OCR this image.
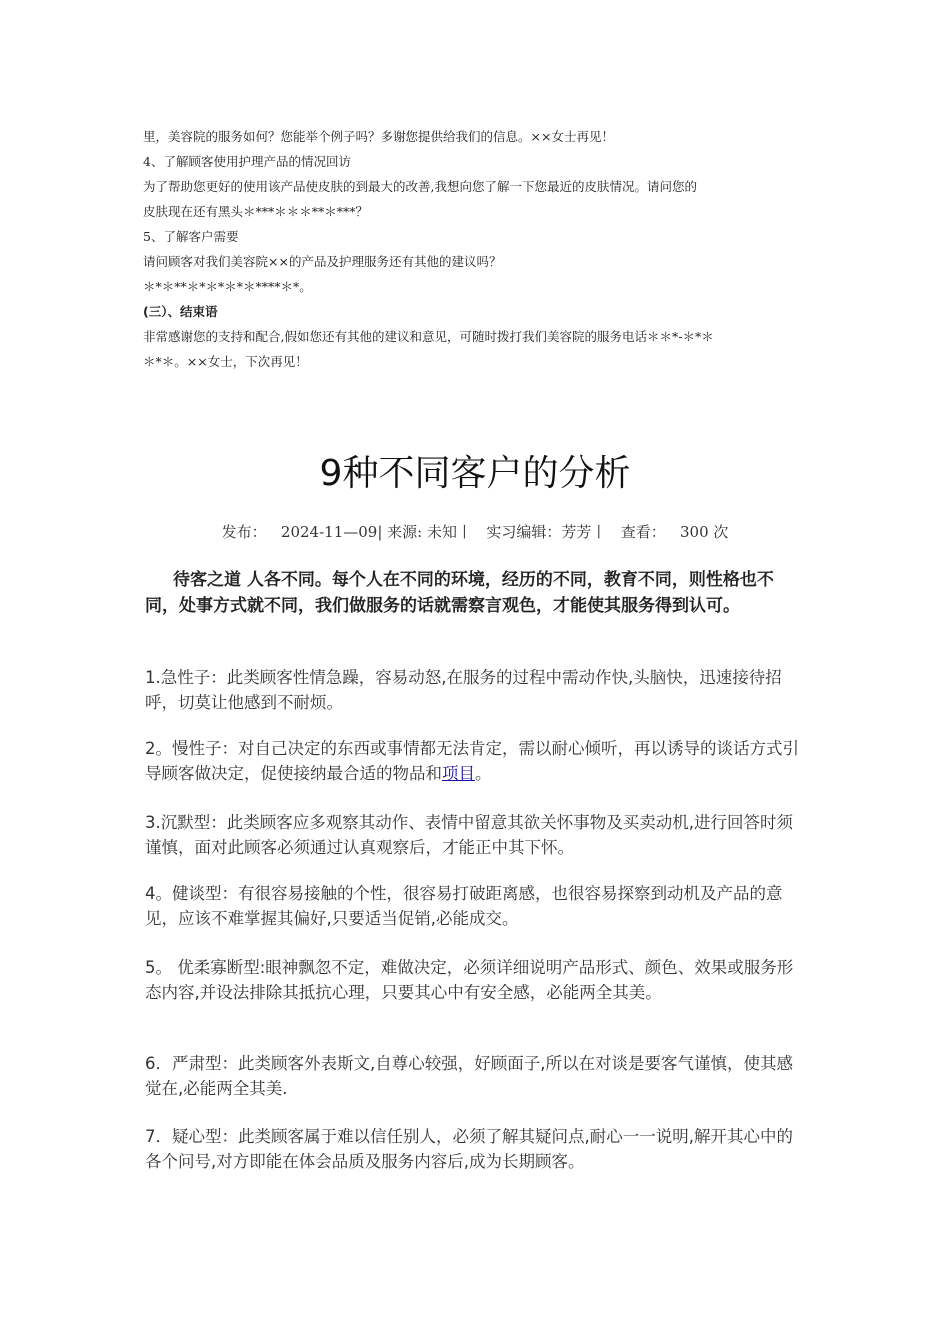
里，美容院的服务如何？您能举个例子吗？多谢您提供给我们的信息。××女士再见！
4、了解顾客使用护理产品的情况回访
为了帮助您更好的使用该产品使皮肤的到最大的改善,我想向您了解一下您最近的皮肤情况。请问您的
皮肤现在还有黑头＊***＊＊＊**＊***？
5、了解客户需要
请问顾客对我们美容院××的产品及护理服务还有其他的建议吗？
＊*＊**＊*＊*＊*＊****＊*。
(三）、结束语
非常感谢您的支持和配合,假如您还有其他的建议和意见，可随时拨打我们美容院的服务电话＊＊*-＊*＊
＊*＊。××女士，下次再见！
9种不同客户的分析
发布： 2024-11—09| 来源: 未知丨 实习编辑：芳芳丨 查看： 300 次
待客之道 人各不同。每个人在不同的环境，经历的不同，教育不同，则性格也不同，处事方式就不同，我们做服务的话就需察言观色，才能使其服务得到认可。
1.急性子：此类顾客性情急躁，容易动怒,在服务的过程中需动作快,头脑快，迅速接待招呼，切莫让他感到不耐烦。
2。慢性子：对自己决定的东西或事情都无法肯定，需以耐心倾听，再以诱导的谈话方式引导顾客做决定，促使接纳最合适的物品和项目。
3.沉默型：此类顾客应多观察其动作、表情中留意其欲关怀事物及买卖动机,进行回答时须谨慎，面对此顾客必须通过认真观察后，才能正中其下怀。
4。健谈型：有很容易接触的个性，很容易打破距离感，也很容易探察到动机及产品的意见，应该不难掌握其偏好,只要适当促销,必能成交。
5。 优柔寡断型:眼神飘忽不定，难做决定，必须详细说明产品形式、颜色、效果或服务形态内容,并设法排除其抵抗心理，只要其心中有安全感，必能两全其美。
6．严肃型：此类顾客外表斯文,自尊心较强，好顾面子,所以在对谈是要客气谨慎，使其感觉在,必能两全其美.
7．疑心型：此类顾客属于难以信任别人，必须了解其疑问点,耐心一一说明,解开其心中的各个问号,对方即能在体会品质及服务内容后,成为长期顾客。
